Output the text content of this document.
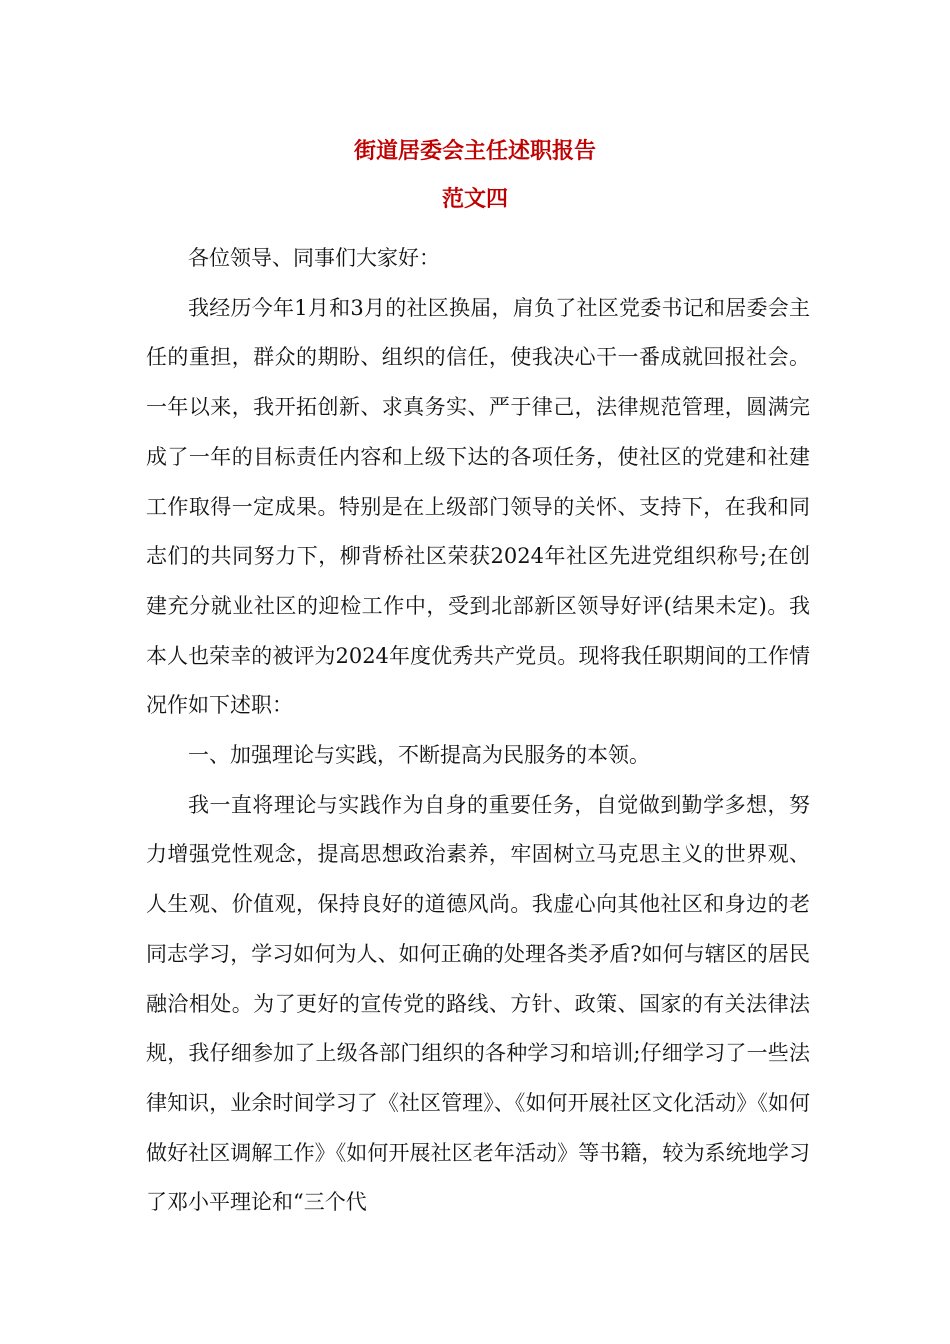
街道居委会主任述职报告
范文四

各位领导、同事们大家好：

我经历今年1月和3月的社区换届，肩负了社区党委书记和居委会主任的重担，群众的期盼、组织的信任，使我决心干一番成就回报社会。一年以来，我开拓创新、求真务实、严于律己，法律规范管理，圆满完成了一年的目标责任内容和上级下达的各项任务，使社区的党建和社建工作取得一定成果。特别是在上级部门领导的关怀、支持下，在我和同志们的共同努力下，柳背桥社区荣获2024年社区先进党组织称号;在创建充分就业社区的迎检工作中，受到北部新区领导好评(结果未定)。我本人也荣幸的被评为2024年度优秀共产党员。现将我任职期间的工作情况作如下述职：

一、加强理论与实践，不断提高为民服务的本领。

我一直将理论与实践作为自身的重要任务，自觉做到勤学多想，努力增强党性观念，提高思想政治素养，牢固树立马克思主义的世界观、人生观、价值观，保持良好的道德风尚。我虚心向其他社区和身边的老同志学习，学习如何为人、如何正确的处理各类矛盾?如何与辖区的居民融洽相处。为了更好的宣传党的路线、方针、政策、国家的有关法律法规，我仔细参加了上级各部门组织的各种学习和培训;仔细学习了一些法律知识，业余时间学习了《社区管理》、《如何开展社区文化活动》《如何做好社区调解工作》《如何开展社区老年活动》等书籍，较为系统地学习了邓小平理论和“三个代
